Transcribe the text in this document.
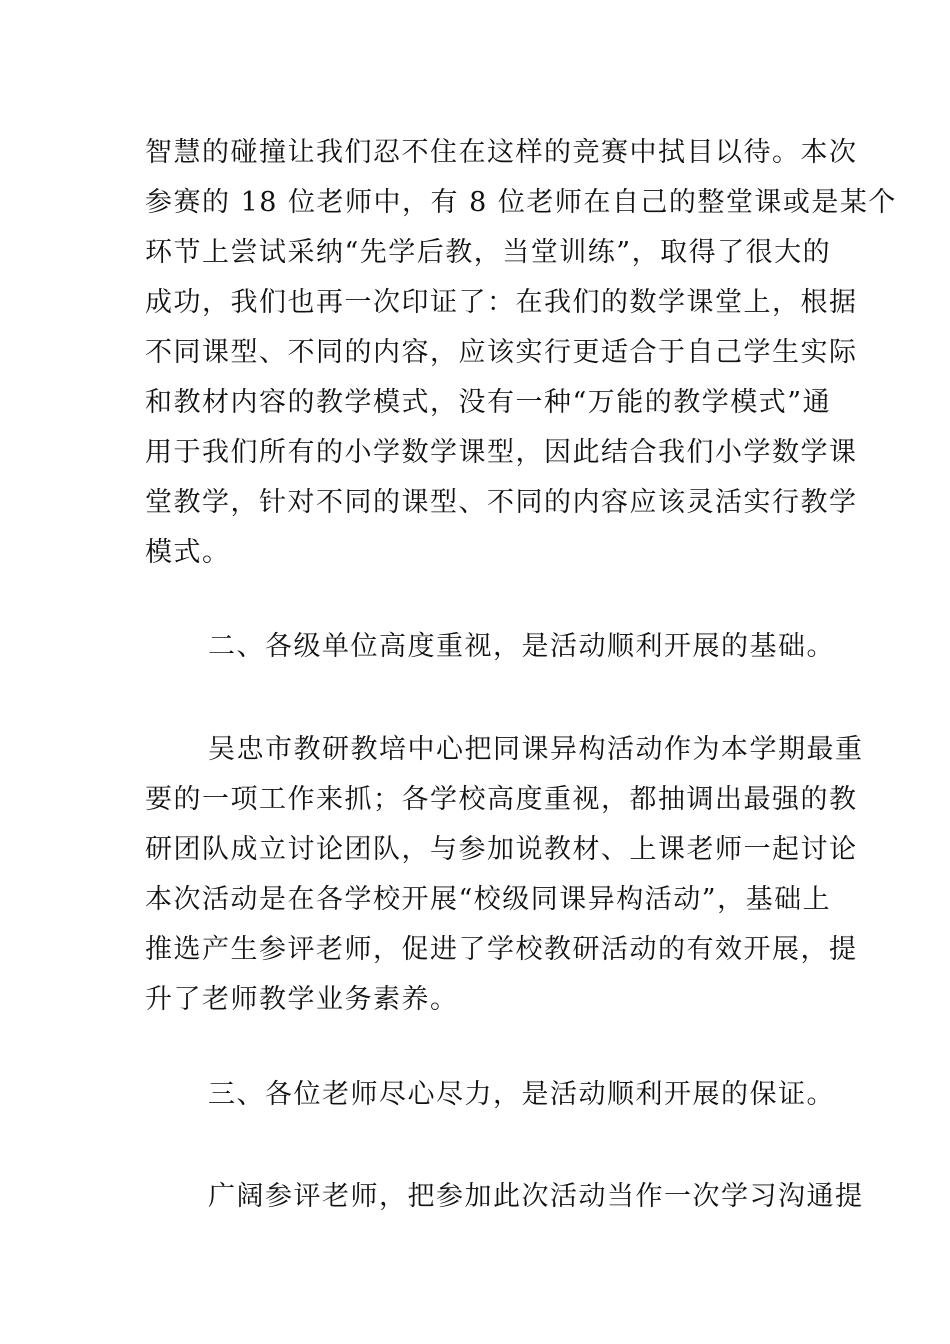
智慧的碰撞让我们忍不住在这样的竞赛中拭目以待。本次
参赛的 18 位老师中，有 8 位老师在自己的整堂课或是某个
环节上尝试采纳“先学后教，当堂训练”，取得了很大的
成功，我们也再一次印证了：在我们的数学课堂上，根据
不同课型、不同的内容，应该实行更适合于自己学生实际
和教材内容的教学模式，没有一种“万能的教学模式”通
用于我们所有的小学数学课型，因此结合我们小学数学课
堂教学，针对不同的课型、不同的内容应该灵活实行教学
模式。
二、各级单位高度重视，是活动顺利开展的基础。
吴忠市教研教培中心把同课异构活动作为本学期最重
要的一项工作来抓；各学校高度重视，都抽调出最强的教
研团队成立讨论团队，与参加说教材、上课老师一起讨论
本次活动是在各学校开展“校级同课异构活动”，基础上
推选产生参评老师，促进了学校教研活动的有效开展，提
升了老师教学业务素养。
三、各位老师尽心尽力，是活动顺利开展的保证。
广阔参评老师，把参加此次活动当作一次学习沟通提
